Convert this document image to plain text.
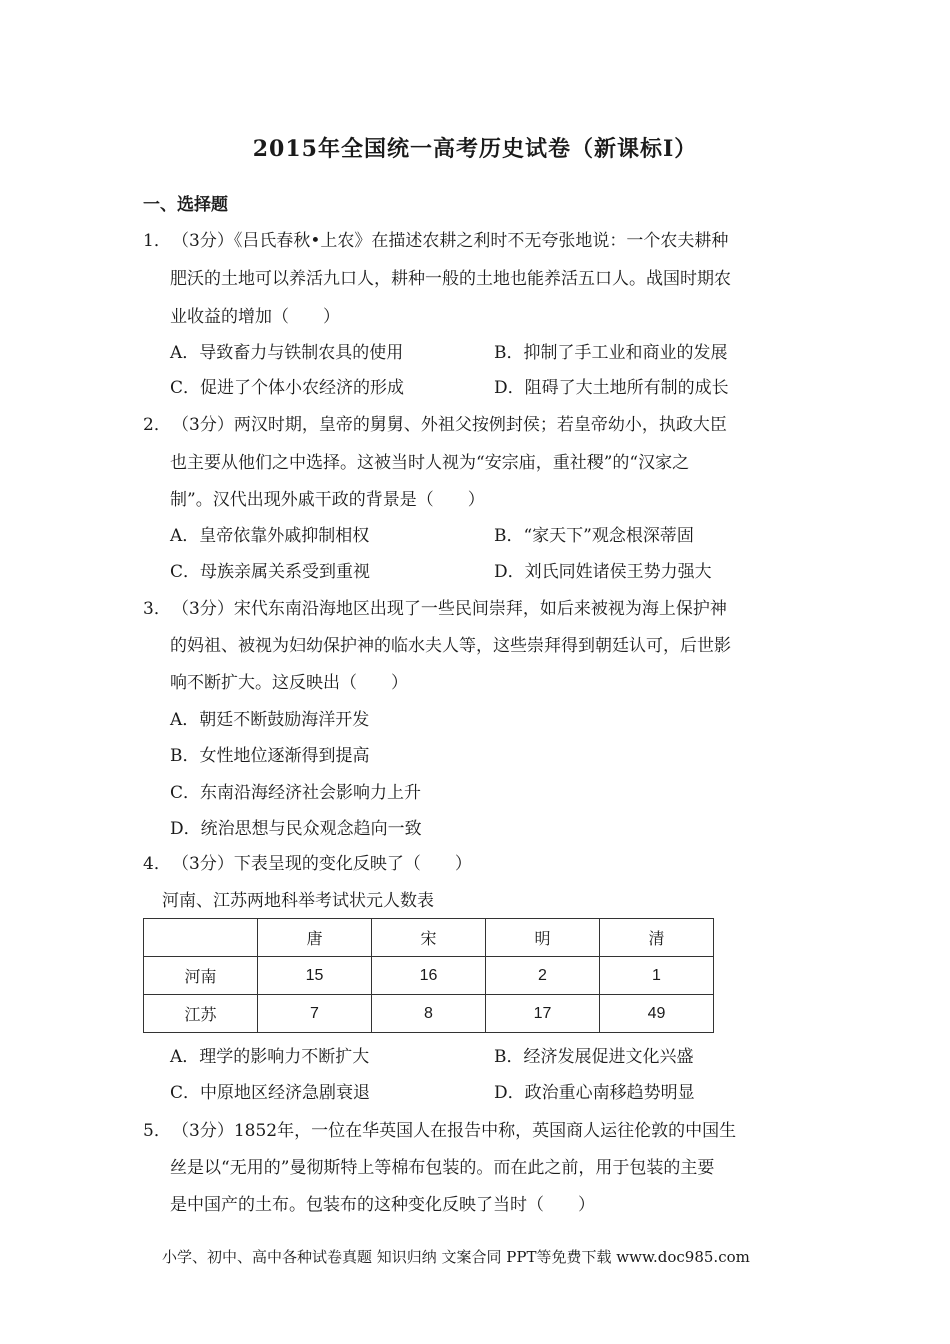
2015年全国统一高考历史试卷（新课标Ⅰ）
一、选择题
1． （3分）《吕氏春秋•上农》在描述农耕之利时不无夸张地说：一个农夫耕种
肥沃的土地可以养活九口人，耕种一般的土地也能养活五口人。战国时期农
业收益的增加（　　）
A．导致畜力与铁制农具的使用	B．抑制了手工业和商业的发展
C．促进了个体小农经济的形成	D．阻碍了大土地所有制的成长
2． （3分）两汉时期，皇帝的舅舅、外祖父按例封侯；若皇帝幼小，执政大臣
也主要从他们之中选择。这被当时人视为“安宗庙，重社稷”的“汉家之
制”。汉代出现外戚干政的背景是（　　）
A．皇帝依靠外戚抑制相权	B．“家天下”观念根深蒂固
C．母族亲属关系受到重视	D．刘氏同姓诸侯王势力强大
3． （3分）宋代东南沿海地区出现了一些民间崇拜，如后来被视为海上保护神
的妈祖、被视为妇幼保护神的临水夫人等，这些崇拜得到朝廷认可，后世影
响不断扩大。这反映出（　　）
A．朝廷不断鼓励海洋开发
B．女性地位逐渐得到提高
C．东南沿海经济社会影响力上升
D．统治思想与民众观念趋向一致
4． （3分）下表呈现的变化反映了（　　）
河南、江苏两地科举考试状元人数表
	唐	宋	明	清
河南	15	16	2	1
江苏	7	8	17	49
A．理学的影响力不断扩大	B．经济发展促进文化兴盛
C．中原地区经济急剧衰退	D．政治重心南移趋势明显
5． （3分）1852年，一位在华英国人在报告中称，英国商人运往伦敦的中国生
丝是以“无用的”曼彻斯特上等棉布包装的。而在此之前，用于包装的主要
是中国产的土布。包装布的这种变化反映了当时（　　）
小学、初中、高中各种试卷真题 知识归纳 文案合同 PPT等免费下载 www.doc985.com
